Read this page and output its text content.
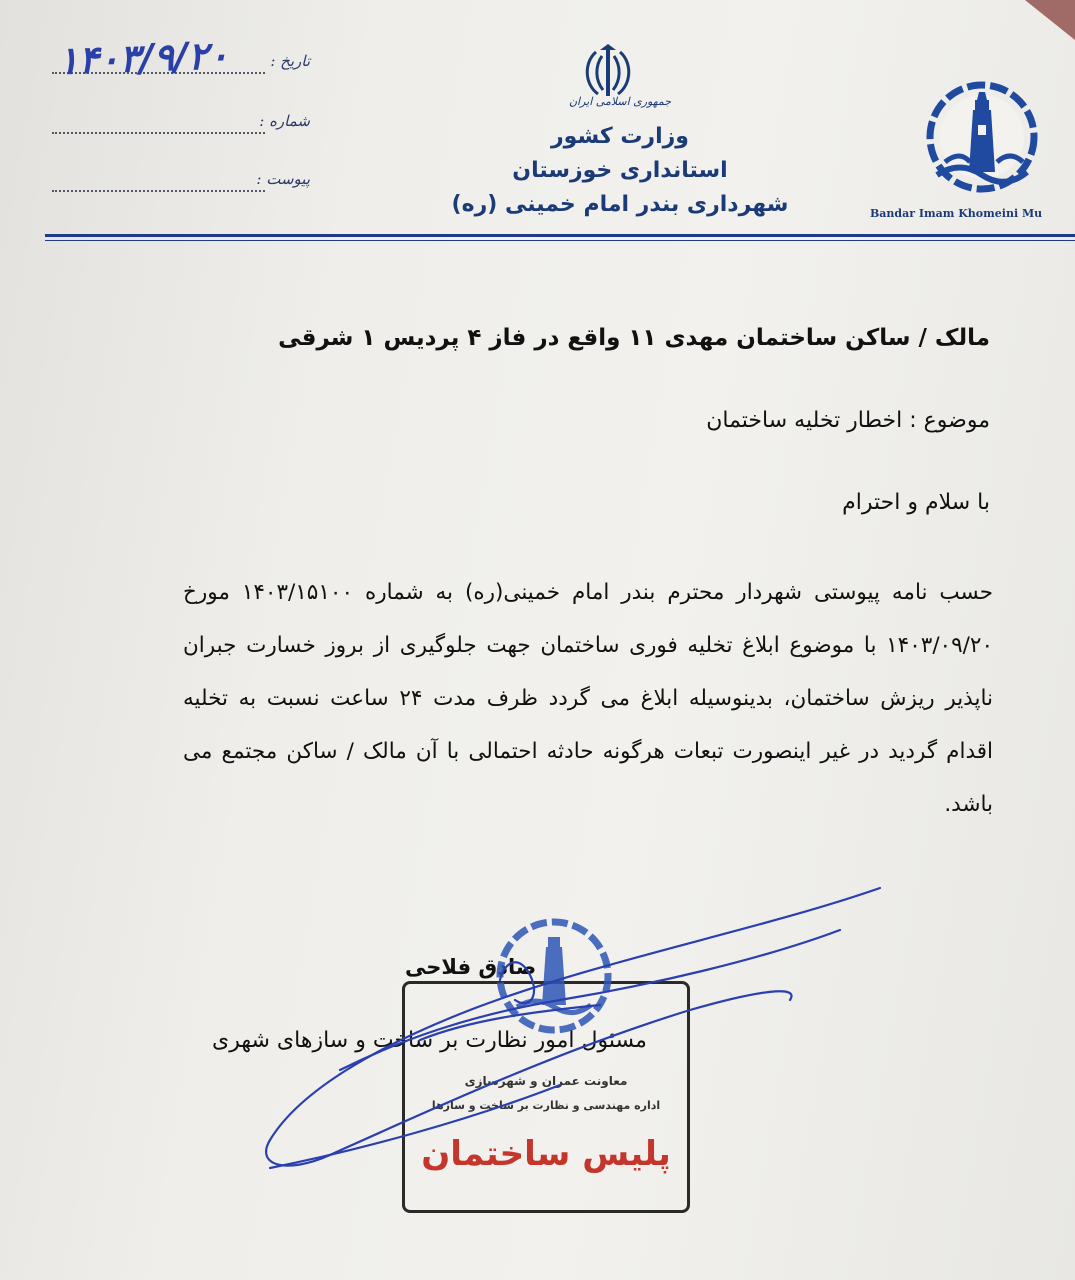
تاریخ :
۱۴۰۳/۹/۲۰
شماره :
پیوست :
جمهوری اسلامی ایران
وزارت کشور
استانداری خوزستان
شهرداری بندر امام خمینی (ره)	Bandar Imam Khomeini Mu
مالک / ساکن ساختمان مهدی ۱۱ واقع در فاز ۴ پردیس ۱ شرقی
موضوع : اخطار تخلیه ساختمان
با سلام و احترام
حسب نامه پیوستی شهردار محترم بندر امام خمینی(ره) به شماره ۱۴۰۳/۱۵۱۰۰ مورخ ۱۴۰۳/۰۹/۲۰ با موضوع ابلاغ تخلیه فوری ساختمان جهت جلوگیری از بروز خسارت جبران ناپذیر ریزش ساختمان، بدینوسیله ابلاغ می گردد ظرف مدت ۲۴ ساعت نسبت به تخلیه اقدام گردید در غیر اینصورت تبعات هرگونه حادثه احتمالی با آن مالک / ساکن مجتمع می باشد.
صادق فلاحی
معاونت عمران و شهرسازی
اداره مهندسی و نظارت بر ساخت و سازها
پلیس ساختمان
مسئول امور نظارت بر ساخت و سازهای شهری
